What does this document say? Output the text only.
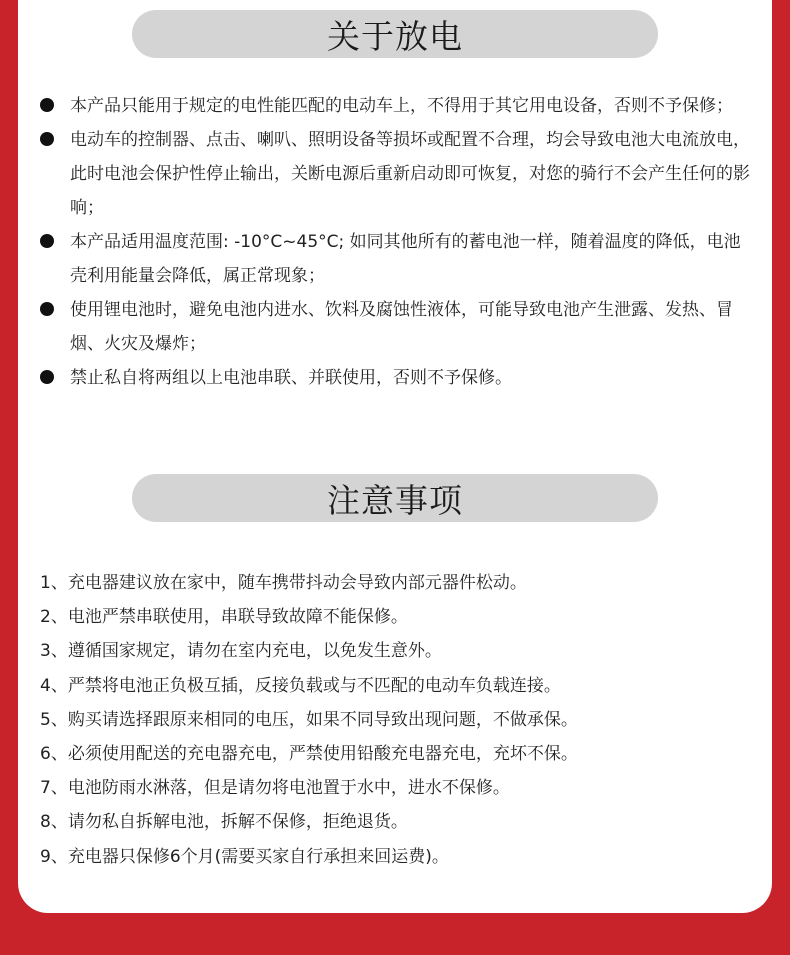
关于放电
本产品只能用于规定的电性能匹配的电动车上，不得用于其它用电设备，否则不予保修；
电动车的控制器、点击、喇叭、照明设备等损坏或配置不合理，均会导致电池大电流放电，此时电池会保护性停止输出，关断电源后重新启动即可恢复，对您的骑行不会产生任何的影响；
本产品适用温度范围: -10°C~45°C; 如同其他所有的蓄电池一样，随着温度的降低，电池壳利用能量会降低，属正常现象；
使用锂电池时，避免电池内进水、饮料及腐蚀性液体，可能导致电池产生泄露、发热、冒烟、火灾及爆炸；
禁止私自将两组以上电池串联、并联使用，否则不予保修。
注意事项
1、充电器建议放在家中，随车携带抖动会导致内部元器件松动。
2、电池严禁串联使用，串联导致故障不能保修。
3、遵循国家规定，请勿在室内充电，以免发生意外。
4、严禁将电池正负极互插，反接负载或与不匹配的电动车负载连接。
5、购买请选择跟原来相同的电压，如果不同导致出现问题，不做承保。
6、必须使用配送的充电器充电，严禁使用铅酸充电器充电，充坏不保。
7、电池防雨水淋落，但是请勿将电池置于水中，进水不保修。
8、请勿私自拆解电池，拆解不保修，拒绝退货。
9、充电器只保修6个月(需要买家自行承担来回运费)。
